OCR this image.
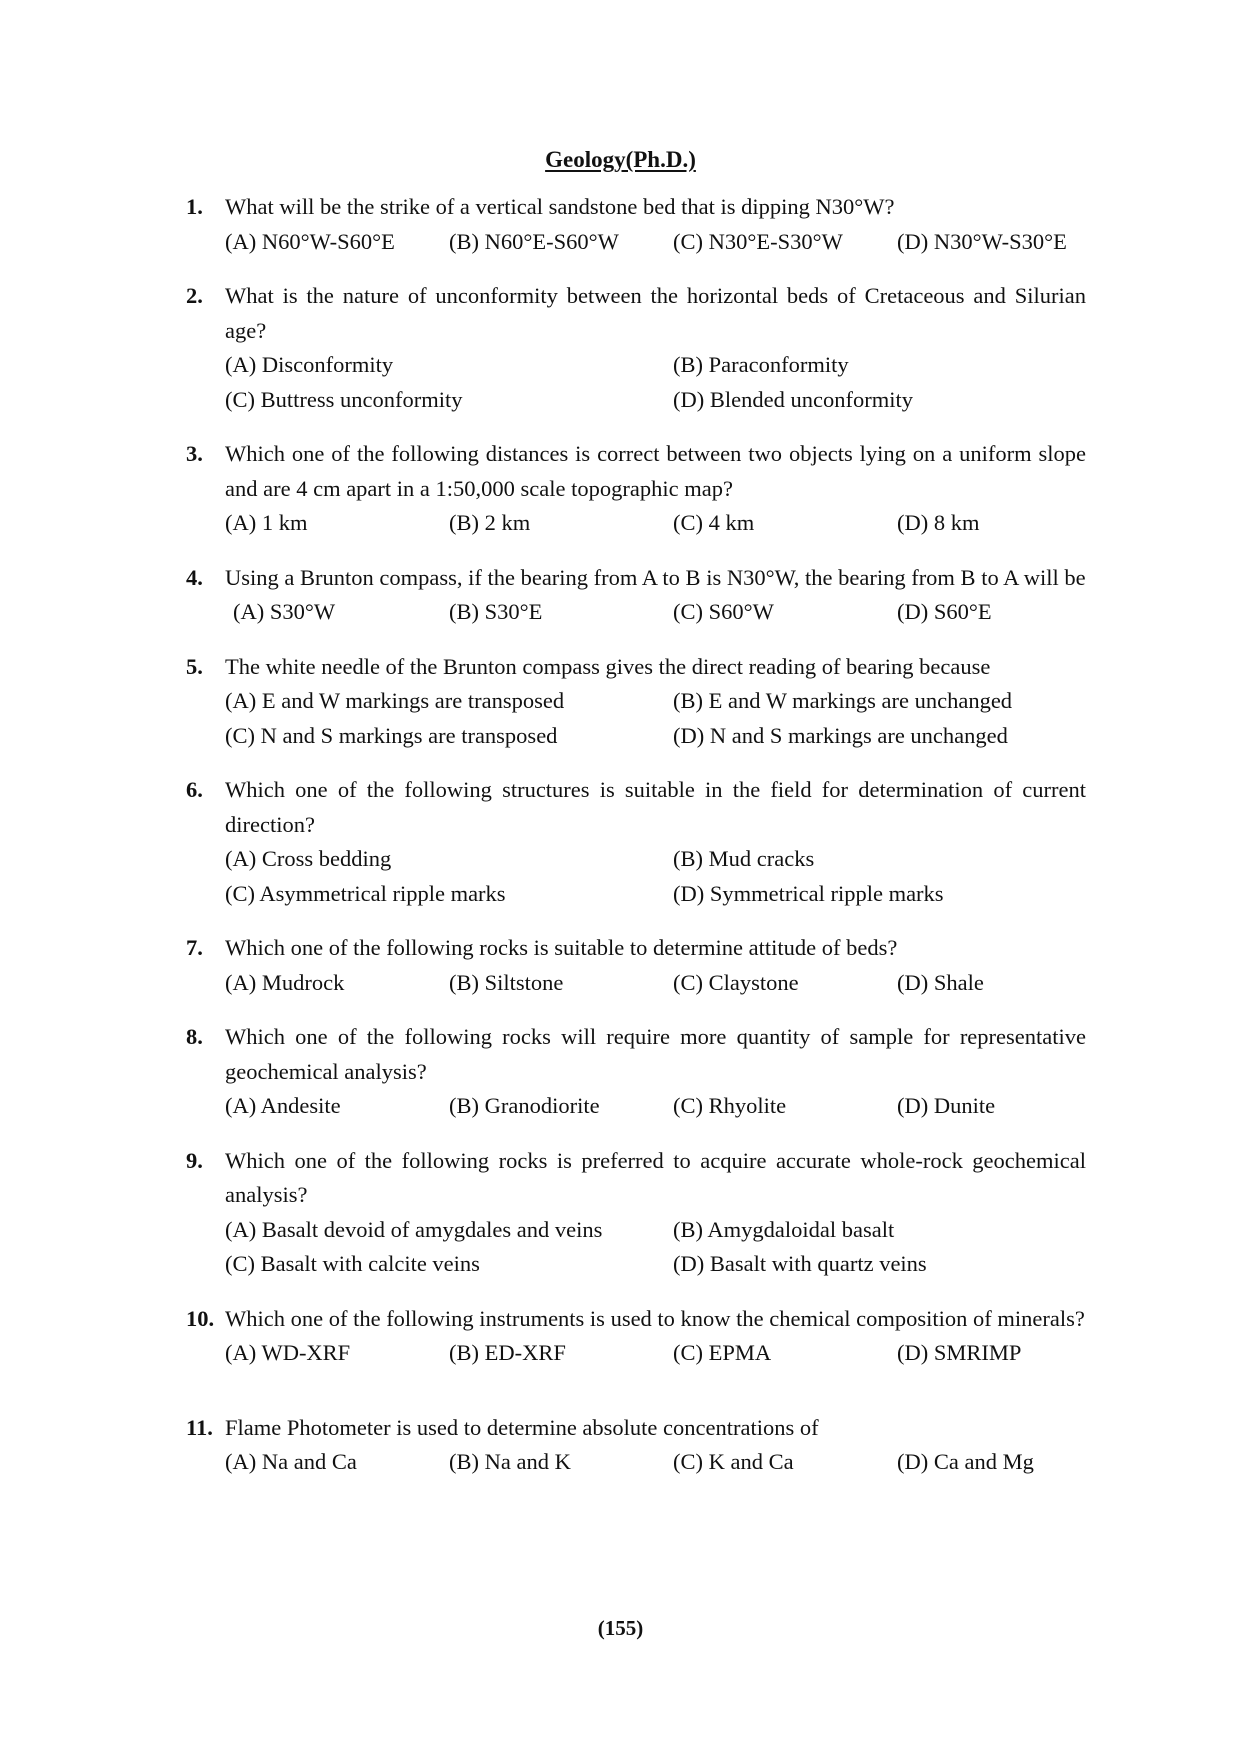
Geology(Ph.D.)
1. What will be the strike of a vertical sandstone bed that is dipping N30°W?
(A) N60°W-S60°E	(B) N60°E-S60°W	(C) N30°E-S30°W	(D) N30°W-S30°E
2. What is the nature of unconformity between the horizontal beds of Cretaceous and Silurian age?
(A) Disconformity	(B) Paraconformity
(C) Buttress unconformity	(D) Blended unconformity
3. Which one of the following distances is correct between two objects lying on a uniform slope and are 4 cm apart in a 1:50,000 scale topographic map?
(A) 1 km	(B) 2 km	(C) 4 km	(D) 8 km
4. Using a Brunton compass, if the bearing from A to B is N30°W, the bearing from B to A will be
(A) S30°W	(B) S30°E	(C) S60°W	(D) S60°E
5. The white needle of the Brunton compass gives the direct reading of bearing because
(A) E and W markings are transposed	(B) E and W markings are unchanged
(C) N and S markings are transposed	(D) N and S markings are unchanged
6. Which one of the following structures is suitable in the field for determination of current direction?
(A) Cross bedding	(B) Mud cracks
(C) Asymmetrical ripple marks	(D) Symmetrical ripple marks
7. Which one of the following rocks is suitable to determine attitude of beds?
(A) Mudrock	(B) Siltstone	(C) Claystone	(D) Shale
8. Which one of the following rocks will require more quantity of sample for representative geochemical analysis?
(A) Andesite	(B) Granodiorite	(C) Rhyolite	(D) Dunite
9. Which one of the following rocks is preferred to acquire accurate whole-rock geochemical analysis?
(A) Basalt devoid of amygdales and veins	(B) Amygdaloidal basalt
(C) Basalt with calcite veins	(D) Basalt with quartz veins
10. Which one of the following instruments is used to know the chemical composition of minerals?
(A) WD-XRF	(B) ED-XRF	(C) EPMA	(D) SMRIMP
11. Flame Photometer is used to determine absolute concentrations of
(A) Na and Ca	(B) Na and K	(C) K and Ca	(D) Ca and Mg
(155)
